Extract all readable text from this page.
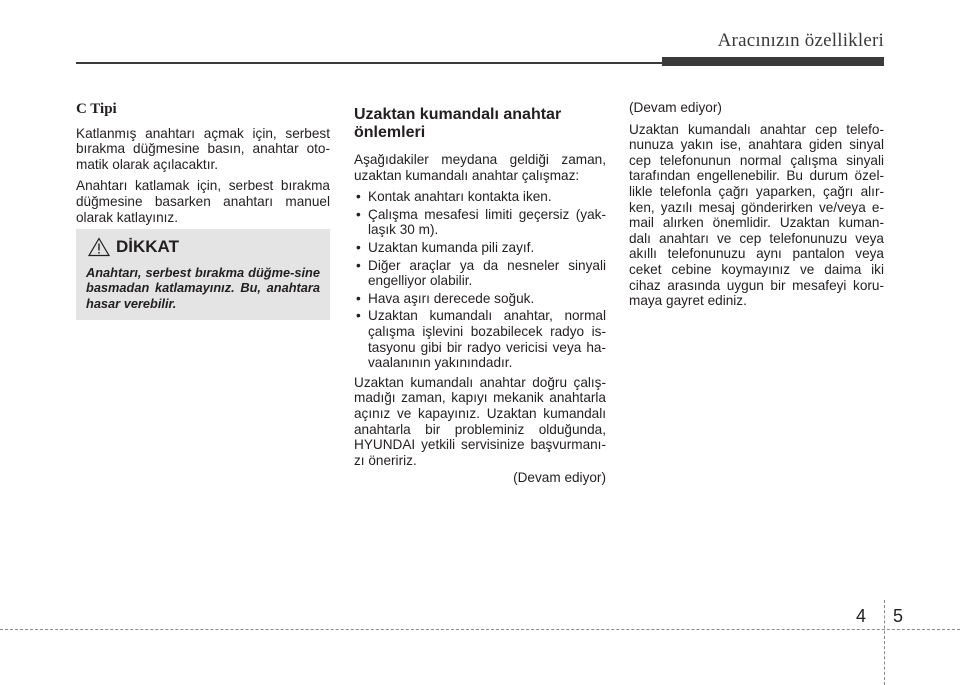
Aracınızın özellikleri
C Tipi

Katlanmış anahtarı açmak için, serbest bırakma düğmesine basın, anahtar oto-matik olarak açılacaktır.

Anahtarı katlamak için, serbest bırakma düğmesine basarken anahtarı manuel olarak katlayınız.

DİKKAT
Anahtarı, serbest bırakma düğme-sine basmadan katlamayınız. Bu, anahtara hasar verebilir.
Uzaktan kumandalı anahtar önlemleri

Aşağıdakiler meydana geldiği zaman, uzaktan kumandalı anahtar çalışmaz:

• Kontak anahtarı kontakta iken.
• Çalışma mesafesi limiti geçersiz (yak-laşık 30 m).
• Uzaktan kumanda pili zayıf.
• Diğer araçlar ya da nesneler sinyali engelliyor olabilir.
• Hava aşırı derecede soğuk.
• Uzaktan kumandalı anahtar, normal çalışma işlevini bozabilecek radyo is-tasyonu gibi bir radyo vericisi veya ha-vaalanının yakınındadır.

Uzaktan kumandalı anahtar doğru çalış-madığı zaman, kapıyı mekanik anahtarla açınız ve kapayınız. Uzaktan kumandalı anahtarla bir probleminiz olduğunda, HYUNDAI yetkili servisinize başvurmanı-zı öneririz.

(Devam ediyor)

(Devam ediyor)

Uzaktan kumandalı anahtar cep telefo-nunuza yakın ise, anahtara giden sinyal cep telefonunun normal çalışma sinyali tarafından engellenebilir. Bu durum özel-likle telefonla çağrı yaparken, çağrı alır-ken, yazılı mesaj gönderirken ve/veya e-mail alırken önemlidir. Uzaktan kuman-dalı anahtarı ve cep telefonunuzu veya akıllı telefonunuzu aynı pantalon veya ceket cebine koymayınız ve daima iki cihaz arasında uygun bir mesafeyi koru-maya gayret ediniz.

4 5
